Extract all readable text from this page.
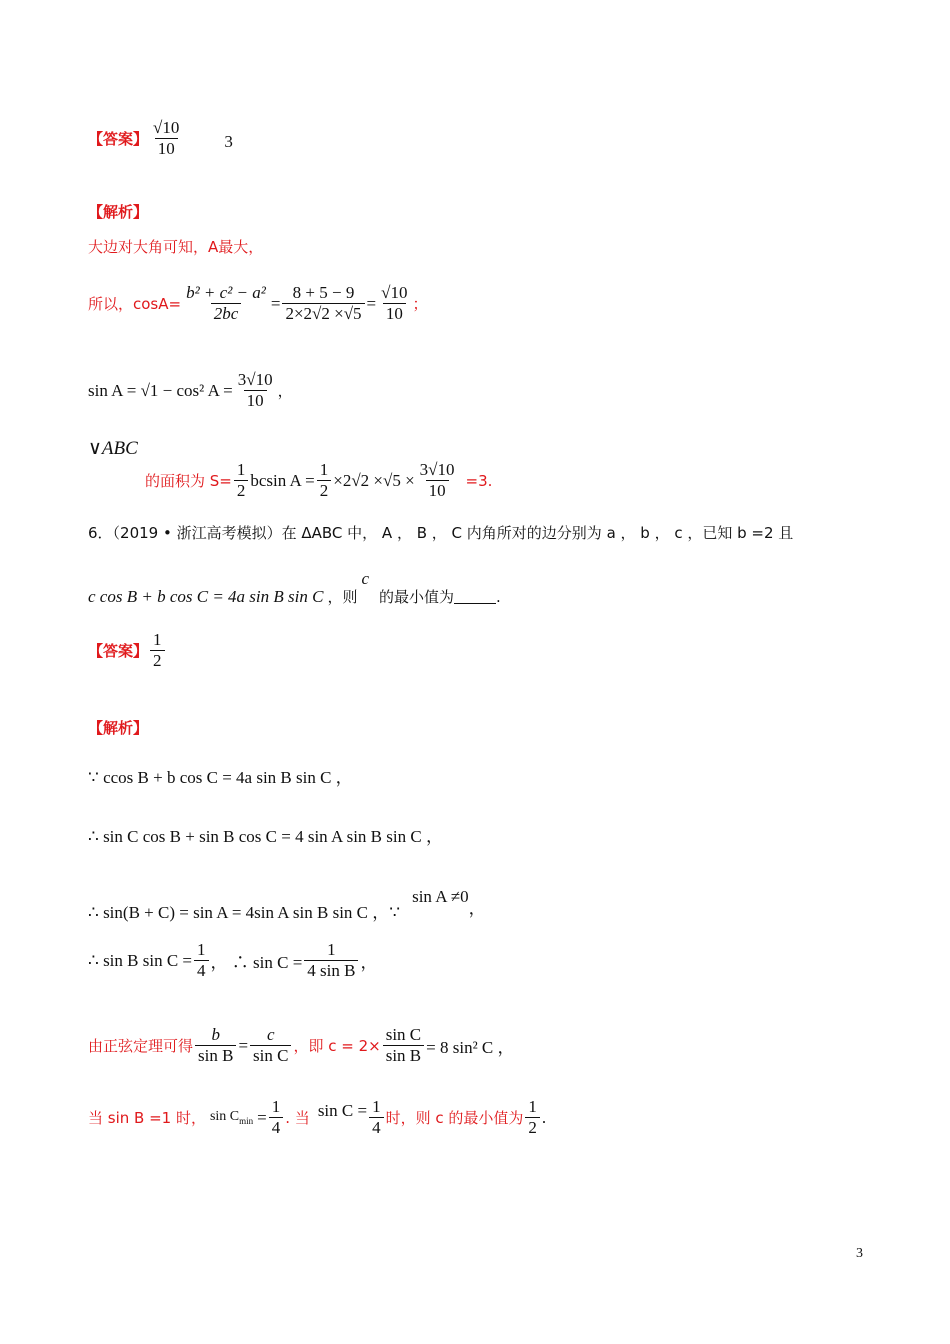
【答案】 $\frac{√10}{10} 3$
【解析】
大边对大角可知，A最大，
所以，$\cos A= \frac{\text{b² + c² − a²}}{2bc} = \frac{8 + 5 - 9}{2\times 2√2 \times√5} = \frac{√10}{10}$ ；
sin A = √1 − cos² $A = \frac{3√10}{10}$ ，
∨ABC
的面积为 $S= \frac{1}{2}$ bcsin $A = \frac{1}{2} \times 2√2 \times√5 \times \frac{3√10}{10} =3$.
6．（2019 • 浙江高考模拟）在 ΔABC 中， A ， B ， C 内角所对的边分别为 a ， b ， c ，已知 b =2 且
c cos B + b cos C = 4a sin B sin C ，则
c
的最小值为	.
【答案】 $\frac{1}{2}$
【解析】
∵ ccos B + b cos C = 4a sin B sin C ，
∴ sin C cos B + sin B cos C = 4 sin A sin B sin C ，
∴ sin(B + C) = sin A = 4sin A sin B sin C ，∵
sin A ≠0
，
∴ sin B $\sin C = \frac{1}{4}$ ， ∴ $\sin C = \frac{1}{\text{4 sin B}}$ ，
由正弦定理可得 $\frac{b}{\text{sin B}} = \frac{c}{\text{sin C}}$ ，即 $c = 2\times \frac{\text{sin C}}{\text{sin B}} = 8$ sin² C ，
当 sin B =1 时， $\sin C_{min} = \frac{1}{4}$ . 当 $\sin C = \frac{1}{4}$ 时，则 c 的最小值为 $\frac{1}{2}$ .
3
